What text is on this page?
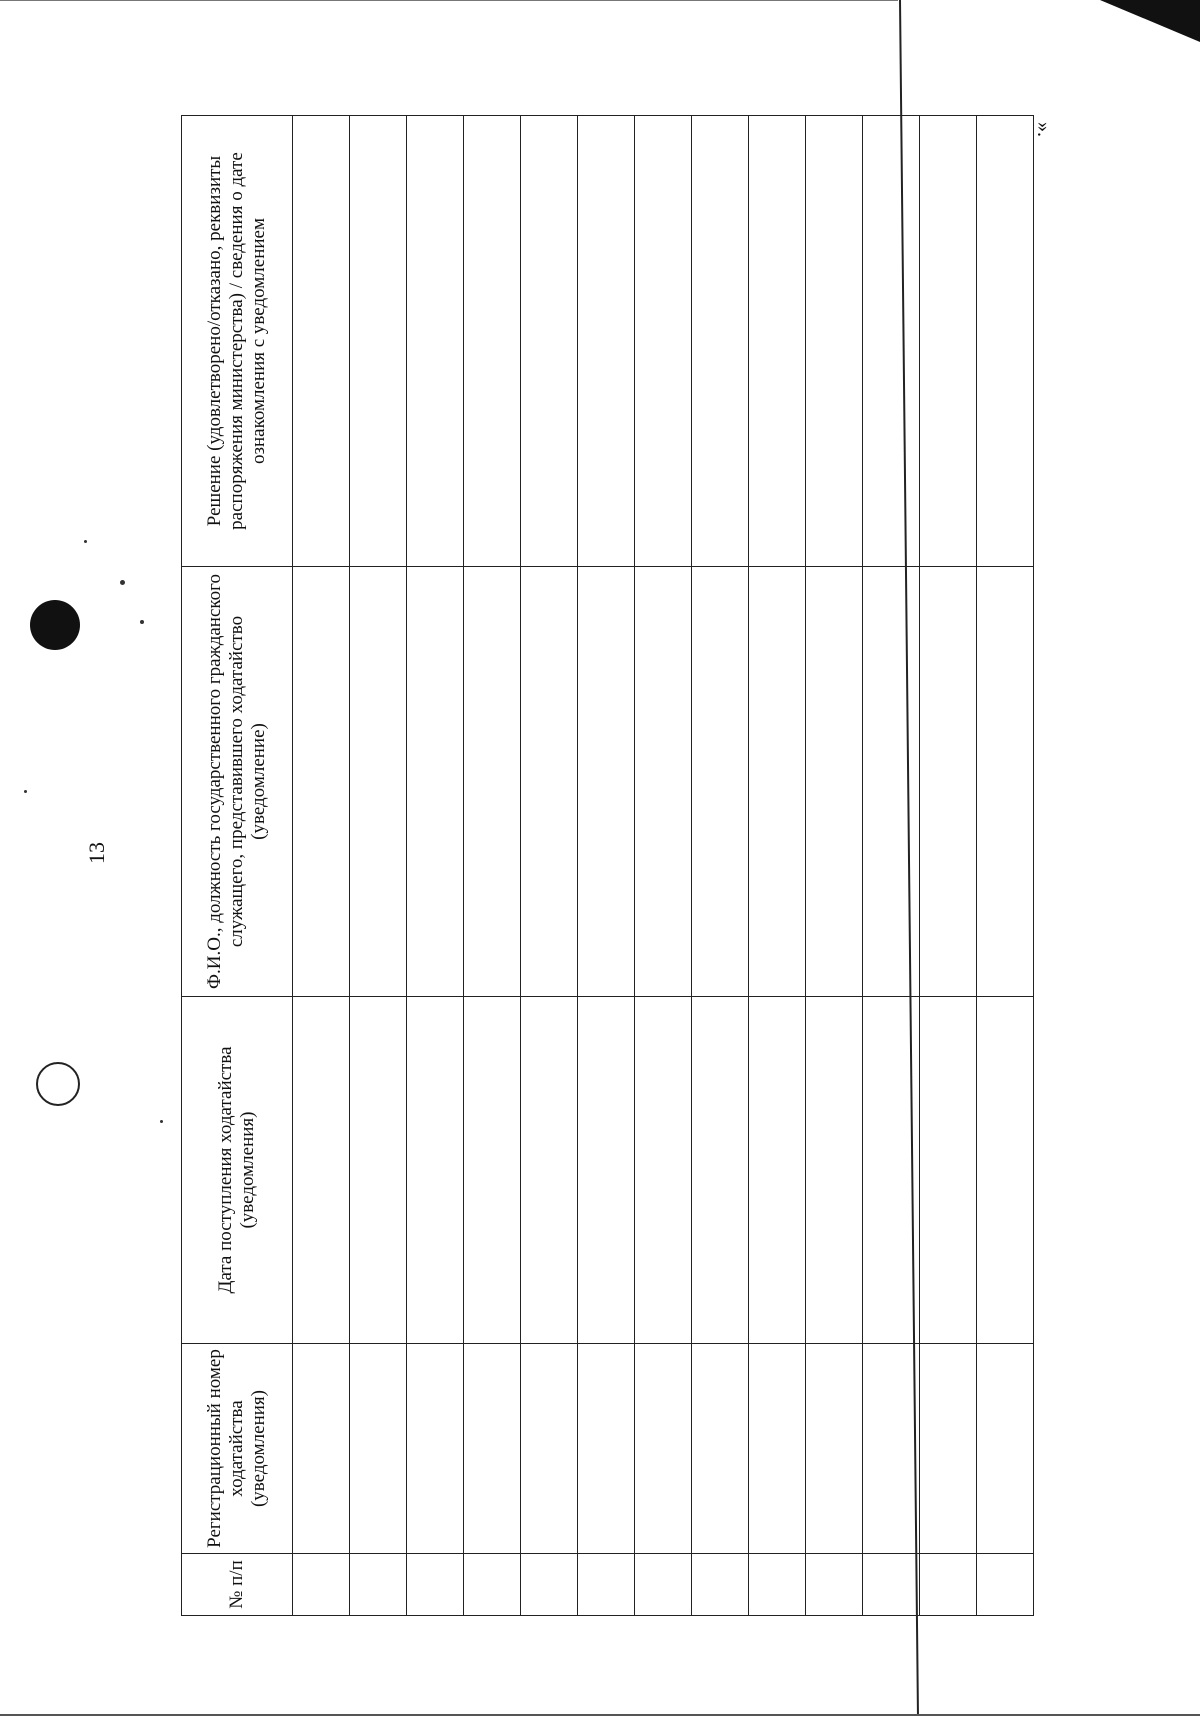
13
».
№ п/п	Регистрационный номер ходатайства (уведомления)	Дата поступления ходатайства (уведомления)	Ф.И.О., должность государственного гражданского служащего, представившего ходатайство (уведомление)	Решение (удовлетворено/отказано, реквизиты распоряжения министерства) / сведения о дате ознакомления с уведомлением
